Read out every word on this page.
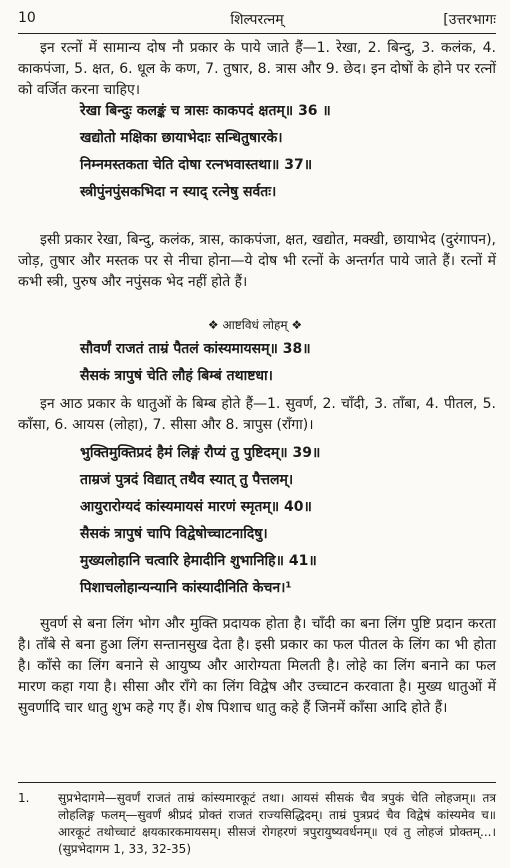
10	शिल्परत्नम्	[उत्तरभागः
इन रत्नों में सामान्य दोष नौ प्रकार के पाये जाते हैं—1. रेखा, 2. बिन्दु, 3. कलंक, 4. काकपंजा, 5. क्षत, 6. धूल के कण, 7. तुषार, 8. त्रास और 9. छेद। इन दोषों के होने पर रत्नों को वर्जित करना चाहिए।
रेखा बिन्दुः कलङ्कं च त्रासः काकपदं क्षतम्॥ 36 ॥
खद्योतो मक्षिका छायाभेदाः सन्धितुषारके।
निम्नमस्तकता चेति दोषा रत्नभवास्तथा॥ 37॥
स्त्रीपुंनपुंसकभिदा न स्याद् रत्नेषु सर्वतः।
इसी प्रकार रेखा, बिन्दु, कलंक, त्रास, काकपंजा, क्षत, खद्योत, मक्खी, छायाभेद (दुरंगापन), जोड़, तुषार और मस्तक पर से नीचा होना—ये दोष भी रत्नों के अन्तर्गत पाये जाते हैं। रत्नों में कभी स्त्री, पुरुष और नपुंसक भेद नहीं होते हैं।
❖ आष्टविधं लोहम् ❖
सौवर्णं राजतं ताम्रं पैतलं कांस्यमायसम्॥ 38॥
सैसकं त्रापुषं चेति लौहं बिम्बं तथाष्टधा।
इन आठ प्रकार के धातुओं के बिम्ब होते हैं—1. सुवर्ण, 2. चाँदी, 3. ताँबा, 4. पीतल, 5. काँसा, 6. आयस (लोहा), 7. सीसा और 8. त्रापुस (राँगा)।
भुक्तिमुक्तिप्रदं हैमं लिङ्गं रौप्यं तु पुष्टिदम्॥ 39॥
ताम्रजं पुत्रदं विद्यात् तथैव स्यात् तु पैत्तलम्।
आयुरारोग्यदं कांस्यमायसं मारणं स्मृतम्॥ 40॥
सैसकं त्रापुषं चापि विद्वेषोच्चाटनादिषु।
मुख्यलोहानि चत्वारि हेमादीनि शुभानिहि॥ 41॥
पिशाचलोहान्यन्यानि कांस्यादीनिति केचन।¹
सुवर्ण से बना लिंग भोग और मुक्ति प्रदायक होता है। चाँदी का बना लिंग पुष्टि प्रदान करता है। ताँबे से बना हुआ लिंग सन्तानसुख देता है। इसी प्रकार का फल पीतल के लिंग का भी होता है। काँसे का लिंग बनाने से आयुष्य और आरोग्यता मिलती है। लोहे का लिंग बनाने का फल मारण कहा गया है। सीसा और राँगे का लिंग विद्वेष और उच्चाटन करवाता है। मुख्य धातुओं में सुवर्णादि चार धातु शुभ कहे गए हैं। शेष पिशाच धातु कहे हैं जिनमें काँसा आदि होते हैं।
1. सुप्रभेदागमे—सुवर्णं राजतं ताम्रं कांस्यमारकूटं तथा। आयसं सीसकं चैव त्रपुकं चेति लोहजम्॥ तत्र लोहलिङ्ग फलम्—सुवर्णं श्रीप्रदं प्रोक्तं राजतं राज्यसिद्धिदम्। ताम्रं पुत्रप्रदं चैव विद्वेषं कांस्यमेव च॥ आरकूटं तथोच्चाटं क्षयकारकमायसम्। सीसजं रोगहरणं त्रपुरायुष्यवर्धनम्॥ एवं तु लोहजं प्रोक्तम्...। (सुप्रभेदागम 1, 33, 32-35)
